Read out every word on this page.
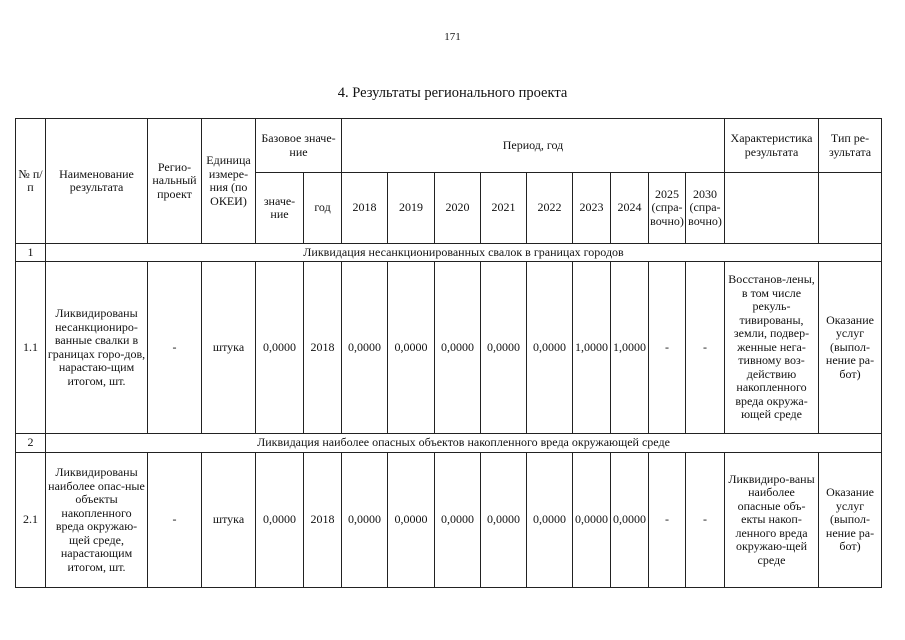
171
4. Результаты регионального проекта
№ п/п	Наименование результата	Регио-нальный проект	Единица измере-ния (по ОКЕИ)	Базовое значе-ние		Период, год									Характеристика результата	Тип ре-зультата
				значе-ние	год	2018	2019	2020	2021	2022	2023	2024	2025 (спра-вочно)	2030 (спра-вочно)		
1	Ликвидация несанкционированных свалок в границах городов															
1.1	Ликвидированы несанкциониро-ванные свалки в границах горо-дов, нарастаю-щим итогом, шт.	-	штука	0,0000	2018	0,0000	0,0000	0,0000	0,0000	0,0000	1,0000	1,0000	-	-	Восстанов-лены, в том числе рекуль-тивированы, земли, подвер-женные нега-тивному воз-действию накопленного вреда окружа-ющей среде	Оказание услуг (выпол-нение ра-бот)
2	Ликвидация наиболее опасных объектов накопленного вреда окружающей среде															
2.1	Ликвидированы наиболее опас-ные объекты накопленного вреда окружаю-щей среде, нарастающим итогом, шт.	-	штука	0,0000	2018	0,0000	0,0000	0,0000	0,0000	0,0000	0,0000	0,0000	-	-	Ликвидиро-ваны наиболее опасные объ-екты накоп-ленного вреда окружаю-щей среде	Оказание услуг (выпол-нение ра-бот)
